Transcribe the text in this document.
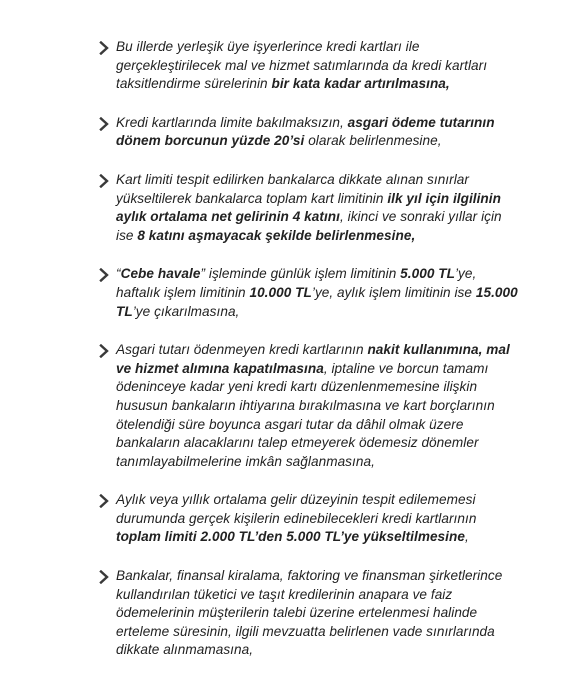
Bu illerde yerleşik üye işyerlerince kredi kartları ile gerçekleştirilecek mal ve hizmet satımlarında da kredi kartları taksitlendirme sürelerinin bir kata kadar artırılmasına,
Kredi kartlarında limite bakılmaksızın, asgari ödeme tutarının dönem borcunun yüzde 20’si olarak belirlenmesine,
Kart limiti tespit edilirken bankalarca dikkate alınan sınırlar yükseltilerek bankalarca toplam kart limitinin ilk yıl için ilgilinin aylık ortalama net gelirinin 4 katını, ikinci ve sonraki yıllar için ise 8 katını aşmayacak şekilde belirlenmesine,
“Cebe havale” işleminde günlük işlem limitinin 5.000 TL’ye, haftalık işlem limitinin 10.000 TL’ye, aylık işlem limitinin ise 15.000 TL’ye çıkarılmasına,
Asgari tutarı ödenmeyen kredi kartlarının nakit kullanımına, mal ve hizmet alımına kapatılmasına, iptaline ve borcun tamamı ödeninceye kadar yeni kredi kartı düzenlenmemesine ilişkin hususun bankaların ihtiyarına bırakılmasına ve kart borçlarının ötelendiği süre boyunca asgari tutar da dâhil olmak üzere bankaların alacaklarını talep etmeyerek ödemesiz dönemler tanımlayabilmelerine imkân sağlanmasına,
Aylık veya yıllık ortalama gelir düzeyinin tespit edilememesi durumunda gerçek kişilerin edinebilecekleri kredi kartlarının toplam limiti 2.000 TL’den 5.000 TL’ye yükseltilmesine,
Bankalar, finansal kiralama, faktoring ve finansman şirketlerince kullandırılan tüketici ve taşıt kredilerinin anapara ve faiz ödemelerinin müşterilerin talebi üzerine ertelenmesi halinde erteleme süresinin, ilgili mevzuatta belirlenen vade sınırlarında dikkate alınmamasına,
